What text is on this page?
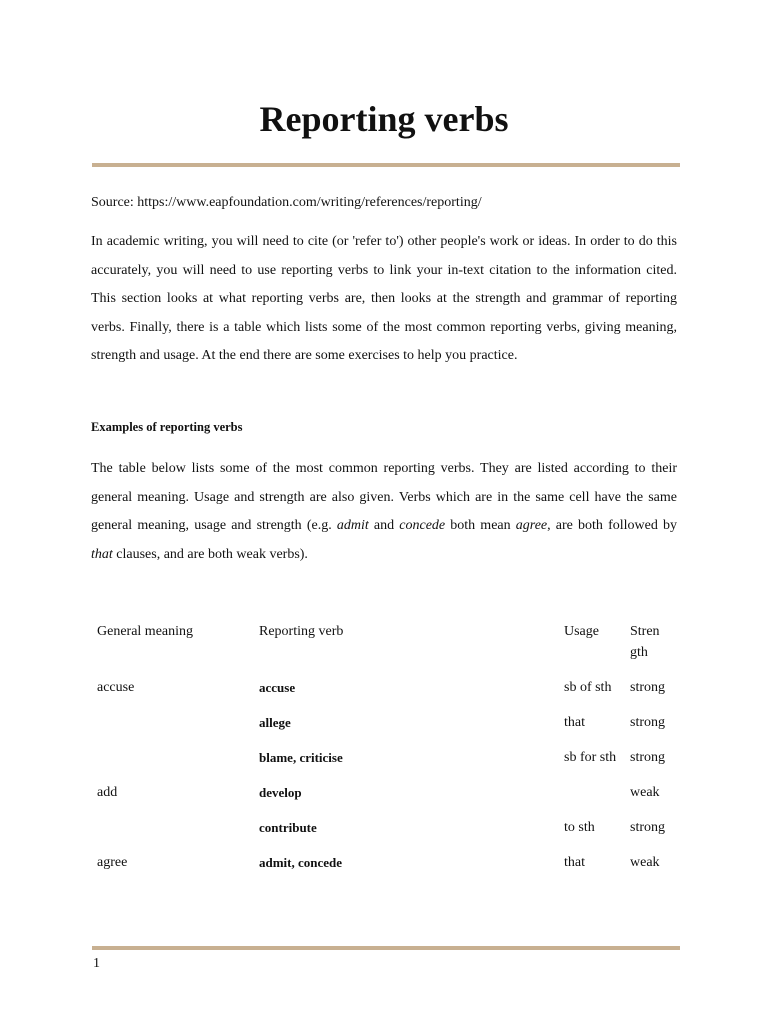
Reporting verbs
Source: https://www.eapfoundation.com/writing/references/reporting/

In academic writing, you will need to cite (or 'refer to') other people's work or ideas. In order to do this accurately, you will need to use reporting verbs to link your in-text citation to the information cited. This section looks at what reporting verbs are, then looks at the strength and grammar of reporting verbs. Finally, there is a table which lists some of the most common reporting verbs, giving meaning, strength and usage. At the end there are some exercises to help you practice.

Examples of reporting verbs

The table below lists some of the most common reporting verbs. They are listed according to their general meaning. Usage and strength are also given. Verbs which are in the same cell have the same general meaning, usage and strength (e.g. admit and concede both mean agree, are both followed by that clauses, and are both weak verbs).

General meaning	Reporting verb	Usage	Stren gth
accuse	accuse	sb of sth	strong
	allege	that	strong
	blame, criticise	sb for sth	strong
add	develop		weak
	contribute	to sth	strong
agree	admit, concede	that	weak
1
